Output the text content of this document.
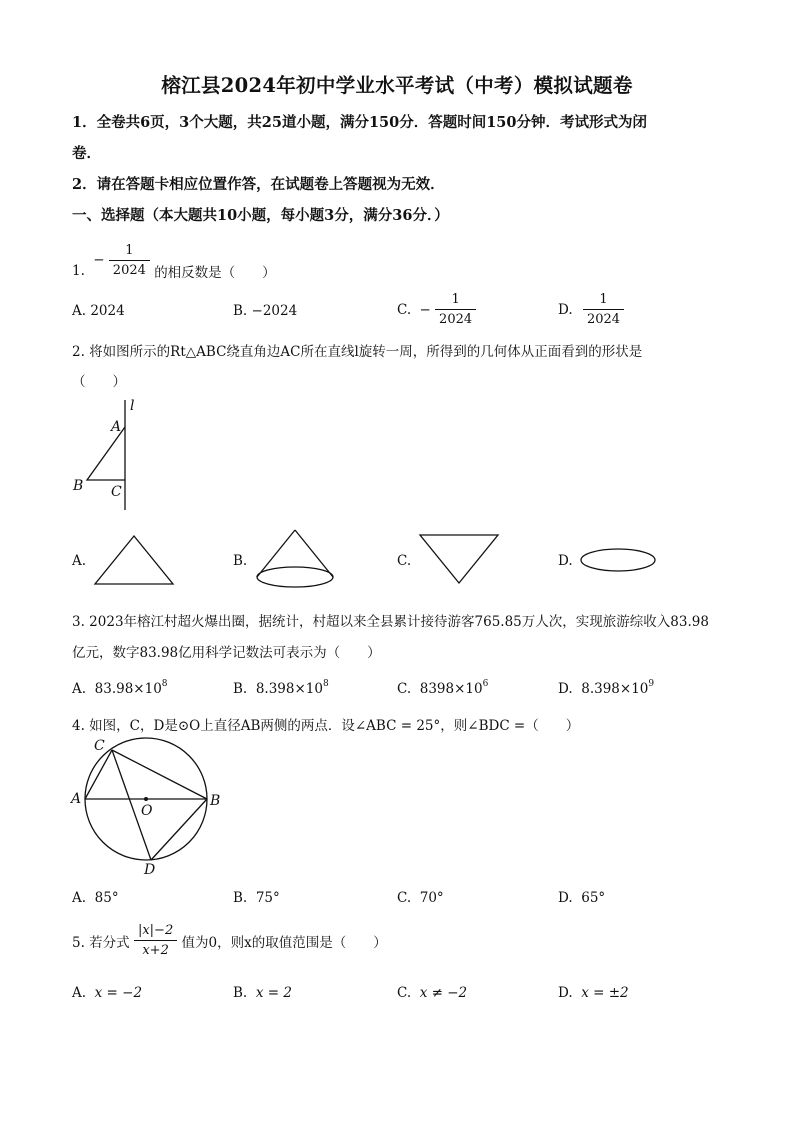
榕江县2024年初中学业水平考试（中考）模拟试题卷
1．全卷共6页，3个大题，共25道小题，满分150分．答题时间150分钟．考试形式为闭
卷．
2．请在答题卡相应位置作答，在试题卷上答题视为无效．
一、选择题（本大题共10小题，每小题3分，满分36分．）
1. − $\frac{1}{2024}$ 的相反数是（　　）
A. 2024	B. −2024	C. − $\frac{1}{2024}$	D. $\frac{1}{2024}$
2. 将如图所示的Rt△ABC绕直角边AC所在直线l旋转一周，所得到的几何体从正面看到的形状是
（　　）
l
A
B C
A.	B.	C.	D.
3. 2023年榕江村超火爆出圈，据统计，村超以来全县累计接待游客765.85万人次，实现旅游综收入83.98
亿元，数字83.98亿用科学记数法可表示为（　　）
A. $83.98\times 10^8$	B. $8.398\times 10^8$	C. $8398\times 10^6$	D. $8.398\times 10^9$
4. 如图，C，D是⊙O上直径AB两侧的两点．设∠ABC = 25°，则∠BDC =（　　）
C
A	B
O
D
A. 85°	B. 75°	C. 70°	D. 65°
5. 若分式 $\frac{|x|-2}{x+2}$ 值为0，则x的取值范围是（　　）
A. x = −2	B. x = 2	C. x ≠ −2	D. x = ±2
